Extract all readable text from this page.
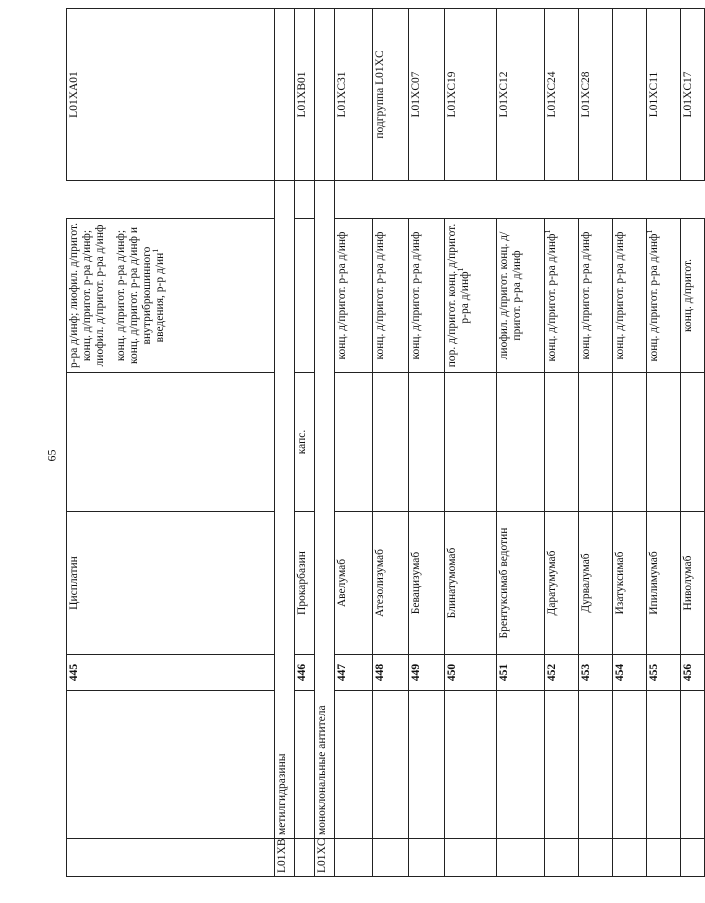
65
		445	Цисплатин		р-ра д/инф; лиофил. д/пригот. конц. д/пригот. р-ра д/инф; лиофил. д/пригот. р-ра д/инф конц. д/пригот. р-ра д/инф; конц. д/пригот. р-ра д/инф и внутрибрюшинного введения, р-р $д/ин^1$		L01XA01
L01XB	метилгидразины						
		446	Прокарбазин	капс.			L01XB01
L01XC	моноклональные антитела						
		447	Авелумаб		конц. д/пригот. р-ра д/инф		L01XC31
		448	Атезолизумаб		конц. д/пригот. р-ра д/инф		подгруппа L01XC
		449	Бевацизумаб		конц. д/пригот. р-ра д/инф		L01XC07
		450	Блинатумомаб		пор. д/пригот. конц. д/пригот. р-ра д/инф$^1$		L01XC19
		451	Брентуксимаб ведотин		лиофил. д/пригот. конц. д/пригот. р-ра д/инф		L01XC12
		452	Даратумумаб		конц. д/пригот. р-ра д/инф$^1$		L01XC24
		453	Дурвалумаб		конц. д/пригот. р-ра д/инф		L01XC28
		454	Изатуксимаб		конц. д/пригот. р-ра д/инф		
		455	Ипилимумаб		конц. д/пригот. р-ра д/инф$^1$		L01XC11
		456	Ниволумаб		конц. д/пригот.		L01XC17
